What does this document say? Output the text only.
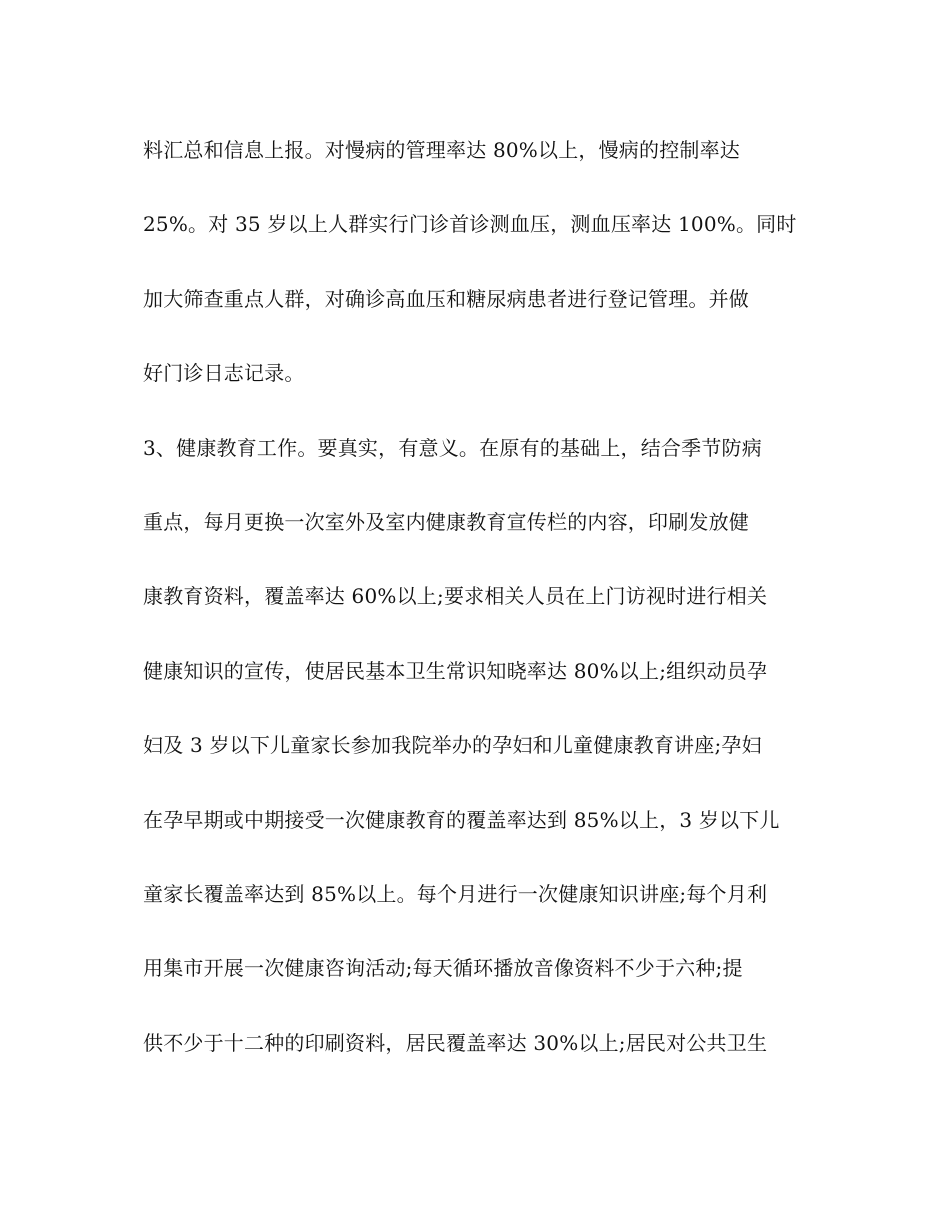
料汇总和信息上报。对慢病的管理率达 80%以上，慢病的控制率达
25%。对 35 岁以上人群实行门诊首诊测血压，测血压率达 100%。同时
加大筛查重点人群，对确诊高血压和糖尿病患者进行登记管理。并做
好门诊日志记录。
3、健康教育工作。要真实，有意义。在原有的基础上，结合季节防病
重点，每月更换一次室外及室内健康教育宣传栏的内容，印刷发放健
康教育资料，覆盖率达 60%以上;要求相关人员在上门访视时进行相关
健康知识的宣传，使居民基本卫生常识知晓率达 80%以上;组织动员孕
妇及 3 岁以下儿童家长参加我院举办的孕妇和儿童健康教育讲座;孕妇
在孕早期或中期接受一次健康教育的覆盖率达到 85%以上，3 岁以下儿
童家长覆盖率达到 85%以上。每个月进行一次健康知识讲座;每个月利
用集市开展一次健康咨询活动;每天循环播放音像资料不少于六种;提
供不少于十二种的印刷资料，居民覆盖率达 30%以上;居民对公共卫生
